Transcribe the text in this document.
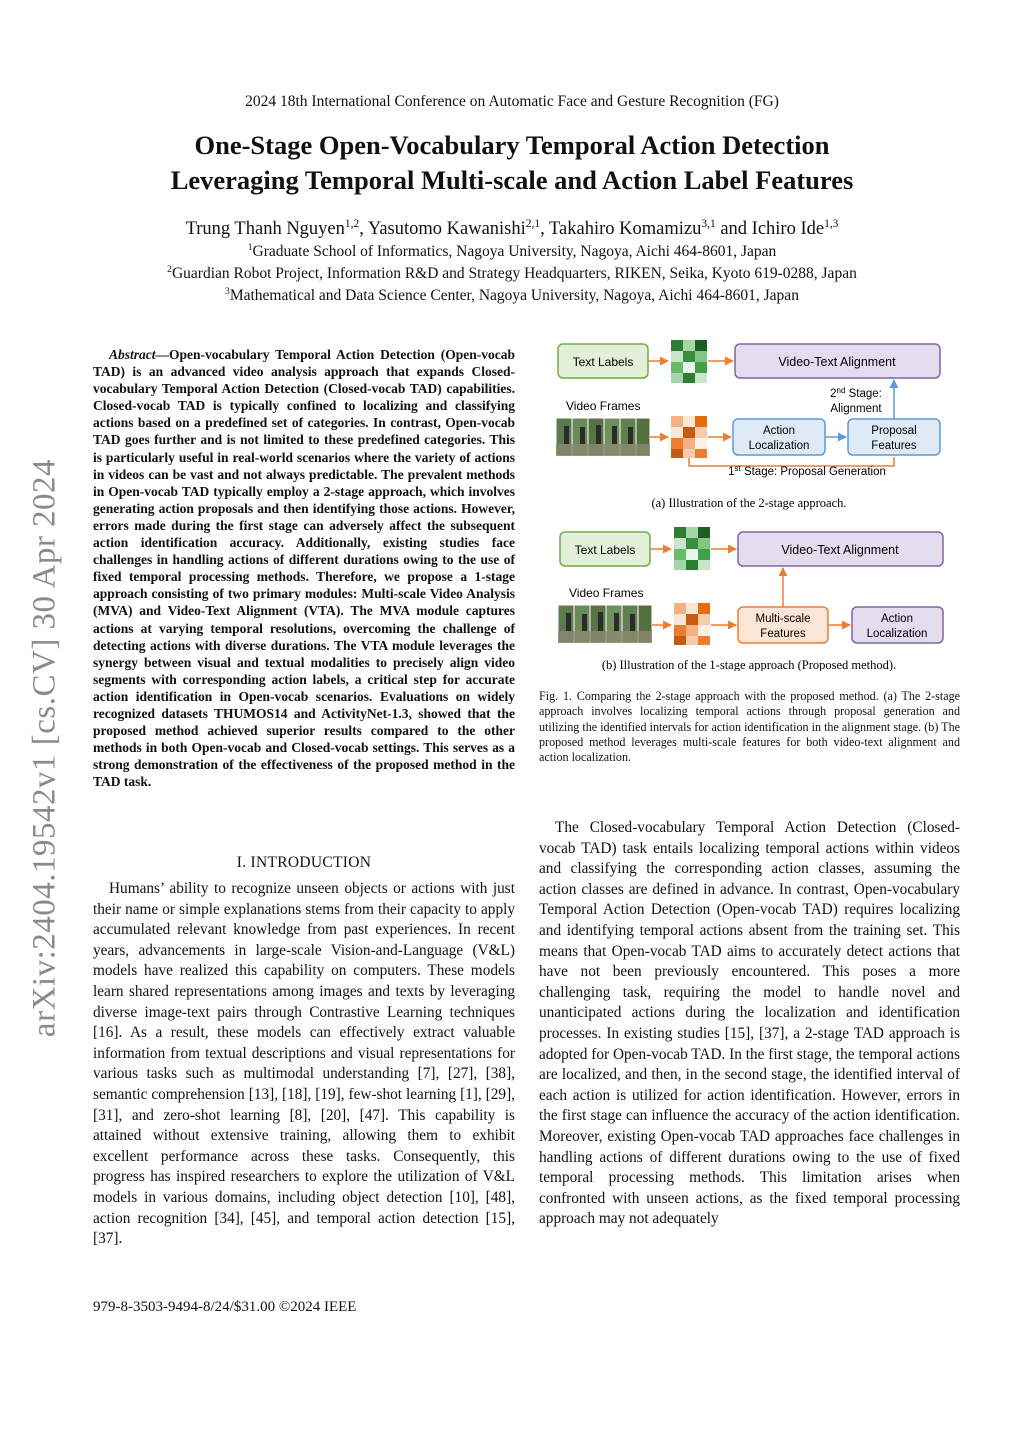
2024 18th International Conference on Automatic Face and Gesture Recognition (FG)
One-Stage Open-Vocabulary Temporal Action Detection
Leveraging Temporal Multi-scale and Action Label Features
Trung Thanh Nguyen$^{1,2}$, Yasutomo Kawanishi$^{2,1}$, Takahiro Komamizu$^{3,1}$ and Ichiro Ide$^{1,3}$
$^1$Graduate School of Informatics, Nagoya University, Nagoya, Aichi 464-8601, Japan
$^2$Guardian Robot Project, Information R&D and Strategy Headquarters, RIKEN, Seika, Kyoto 619-0288, Japan
$^3$Mathematical and Data Science Center, Nagoya University, Nagoya, Aichi 464-8601, Japan
arXiv:2404.19542v1 [cs.CV] 30 Apr 2024
Abstract—Open-vocabulary Temporal Action Detection (Open-vocab TAD) is an advanced video analysis approach that expands Closed-vocabulary Temporal Action Detection (Closed-vocab TAD) capabilities. Closed-vocab TAD is typically confined to localizing and classifying actions based on a predefined set of categories. In contrast, Open-vocab TAD goes further and is not limited to these predefined categories. This is particularly useful in real-world scenarios where the variety of actions in videos can be vast and not always predictable. The prevalent methods in Open-vocab TAD typically employ a 2-stage approach, which involves generating action proposals and then identifying those actions. However, errors made during the first stage can adversely affect the subsequent action identification accuracy. Additionally, existing studies face challenges in handling actions of different durations owing to the use of fixed temporal processing methods. Therefore, we propose a 1-stage approach consisting of two primary modules: Multi-scale Video Analysis (MVA) and Video-Text Alignment (VTA). The MVA module captures actions at varying temporal resolutions, overcoming the challenge of detecting actions with diverse durations. The VTA module leverages the synergy between visual and textual modalities to precisely align video segments with corresponding action labels, a critical step for accurate action identification in Open-vocab scenarios. Evaluations on widely recognized datasets THUMOS14 and ActivityNet-1.3, showed that the proposed method achieved superior results compared to the other methods in both Open-vocab and Closed-vocab settings. This serves as a strong demonstration of the effectiveness of the proposed method in the TAD task.
I. INTRODUCTION
Humans’ ability to recognize unseen objects or actions with just their name or simple explanations stems from their capacity to apply accumulated relevant knowledge from past experiences. In recent years, advancements in large-scale Vision-and-Language (V&L) models have realized this capability on computers. These models learn shared representations among images and texts by leveraging diverse image-text pairs through Contrastive Learning techniques [16]. As a result, these models can effectively extract valuable information from textual descriptions and visual representations for various tasks such as multimodal understanding [7], [27], [38], semantic comprehension [13], [18], [19], few-shot learning [1], [29], [31], and zero-shot learning [8], [20], [47]. This capability is attained without extensive training, allowing them to exhibit excellent performance across these tasks. Consequently, this progress has inspired researchers to explore the utilization of V&L models in various domains, including object detection [10], [48], action recognition [34], [45], and temporal action detection [15], [37].
The Closed-vocabulary Temporal Action Detection (Closed-vocab TAD) task entails localizing temporal actions within videos and classifying the corresponding action classes, assuming the action classes are defined in advance. In contrast, Open-vocabulary Temporal Action Detection (Open-vocab TAD) requires localizing and identifying temporal actions absent from the training set. This means that Open-vocab TAD aims to accurately detect actions that have not been previously encountered. This poses a more challenging task, requiring the model to handle novel and unanticipated actions during the localization and identification processes. In existing studies [15], [37], a 2-stage TAD approach is adopted for Open-vocab TAD. In the first stage, the temporal actions are localized, and then, in the second stage, the identified interval of each action is utilized for action identification. However, errors in the first stage can influence the accuracy of the action identification. Moreover, existing Open-vocab TAD approaches face challenges in handling actions of different durations owing to the use of fixed temporal processing methods. This limitation arises when confronted with unseen actions, as the fixed temporal processing approach may not adequately
Text Labels	Video-Text Alignment
Video Frames
2nd Stage:
Alignment
Action
Localization
Proposal
Features
1st Stage: Proposal Generation
(a) Illustration of the 2-stage approach.
Text Labels	Video-Text Alignment
Video Frames
Multi-scale
Features
Action
Localization
(b) Illustration of the 1-stage approach (Proposed method).
Fig. 1. Comparing the 2-stage approach with the proposed method. (a) The 2-stage approach involves localizing temporal actions through proposal generation and utilizing the identified intervals for action identification in the alignment stage. (b) The proposed method leverages multi-scale features for both video-text alignment and action localization.
979-8-3503-9494-8/24/$31.00 ©2024 IEEE
